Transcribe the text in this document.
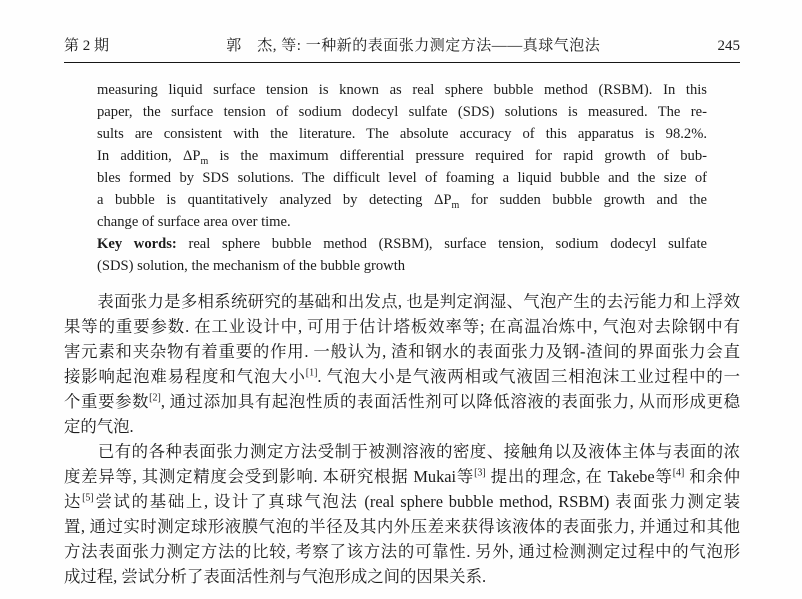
第 2 期	郭　杰, 等: 一种新的表面张力测定方法——真球气泡法	245
measuring liquid surface tension is known as real sphere bubble method (RSBM). In this
paper, the surface tension of sodium dodecyl sulfate (SDS) solutions is measured. The re-
sults are consistent with the literature. The absolute accuracy of this apparatus is 98.2%.
In addition, $\Delta P_m$ is the maximum differential pressure required for rapid growth of bub-
bles formed by SDS solutions. The difficult level of foaming a liquid bubble and the size of
a bubble is quantitatively analyzed by detecting $\Delta P_m$ for sudden bubble growth and the
change of surface area over time.
Key words: real sphere bubble method (RSBM), surface tension, sodium dodecyl sulfate
(SDS) solution, the mechanism of the bubble growth
　　表面张力是多相系统研究的基础和出发点, 也是判定润湿、气泡产生的去污能力和上浮效
果等的重要参数. 在工业设计中, 可用于估计塔板效率等; 在高温冶炼中, 气泡对去除钢中有
害元素和夹杂物有着重要的作用. 一般认为, 渣和钢水的表面张力及钢-渣间的界面张力会直
接影响起泡难易程度和气泡大小[1]. 气泡大小是气液两相或气液固三相泡沫工业过程中的一
个重要参数[2], 通过添加具有起泡性质的表面活性剂可以降低溶液的表面张力, 从而形成更稳
定的气泡.
　　已有的各种表面张力测定方法受制于被测溶液的密度、接触角以及液体主体与表面的浓
度差异等, 其测定精度会受到影响. 本研究根据 Mukai等[3] 提出的理念, 在 Takebe等[4] 和余仲
达[5]尝试的基础上, 设计了真球气泡法 (real sphere bubble method, RSBM) 表面张力测定装
置, 通过实时测定球形液膜气泡的半径及其内外压差来获得该液体的表面张力, 并通过和其他
方法表面张力测定方法的比较, 考察了该方法的可靠性. 另外, 通过检测测定过程中的气泡形
成过程, 尝试分析了表面活性剂与气泡形成之间的因果关系.
